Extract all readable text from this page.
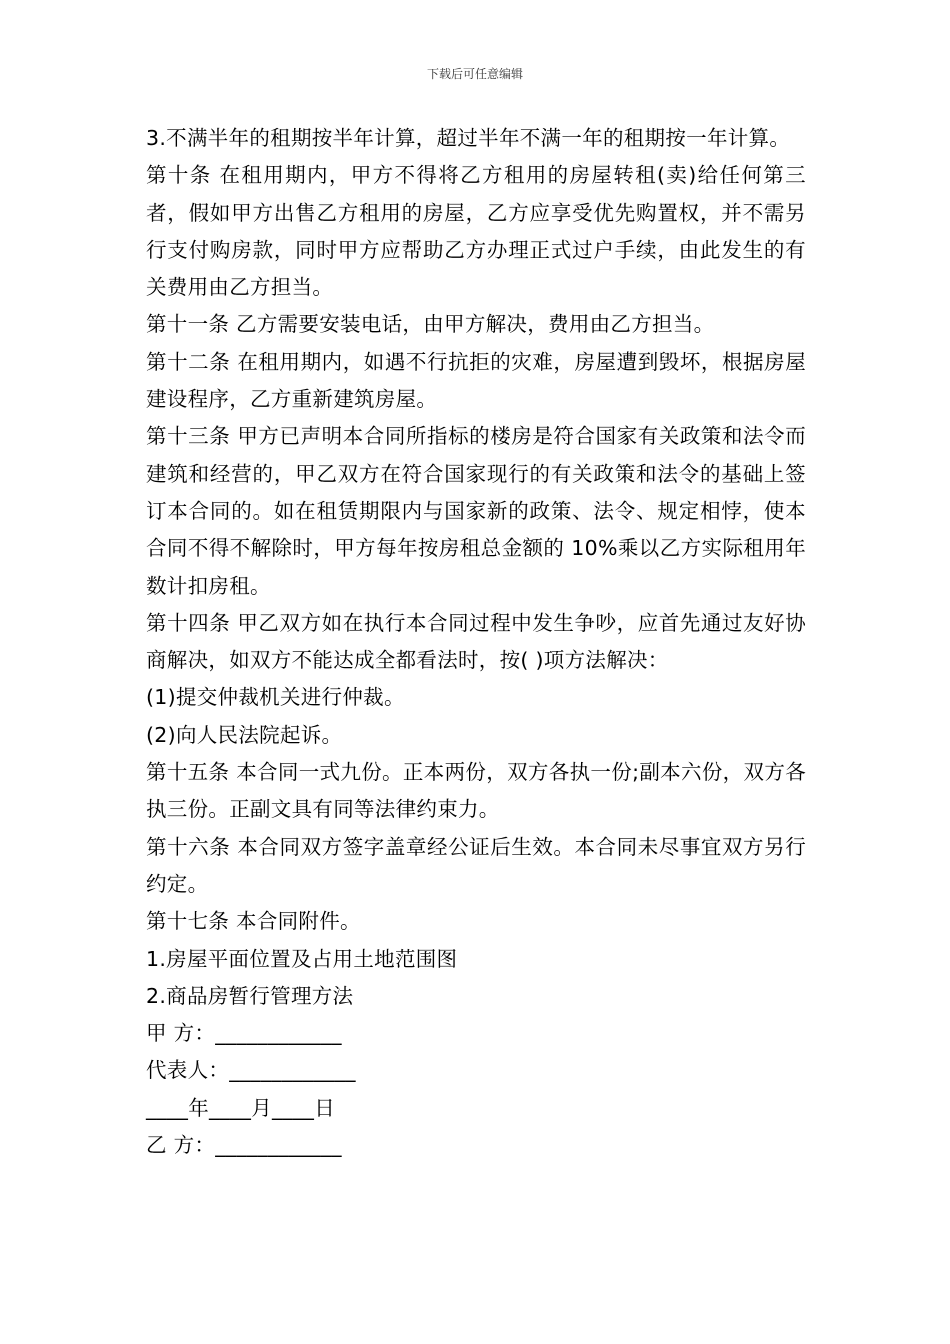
下载后可任意编辑

3.不满半年的租期按半年计算，超过半年不满一年的租期按一年计算。

第十条 在租用期内，甲方不得将乙方租用的房屋转租(卖)给任何第三者，假如甲方出售乙方租用的房屋，乙方应享受优先购置权，并不需另行支付购房款，同时甲方应帮助乙方办理正式过户手续，由此发生的有关费用由乙方担当。

第十一条 乙方需要安装电话，由甲方解决，费用由乙方担当。

第十二条 在租用期内，如遇不行抗拒的灾难，房屋遭到毁坏，根据房屋建设程序，乙方重新建筑房屋。

第十三条 甲方已声明本合同所指标的楼房是符合国家有关政策和法令而建筑和经营的，甲乙双方在符合国家现行的有关政策和法令的基础上签订本合同的。如在租赁期限内与国家新的政策、法令、规定相悖，使本合同不得不解除时，甲方每年按房租总金额的 10%乘以乙方实际租用年数计扣房租。

第十四条 甲乙双方如在执行本合同过程中发生争吵，应首先通过友好协商解决，如双方不能达成全都看法时，按( )项方法解决：

(1)提交仲裁机关进行仲裁。

(2)向人民法院起诉。

第十五条 本合同一式九份。正本两份，双方各执一份;副本六份，双方各执三份。正副文具有同等法律约束力。

第十六条 本合同双方签字盖章经公证后生效。本合同未尽事宜双方另行约定。

第十七条 本合同附件。

1.房屋平面位置及占用土地范围图

2.商品房暂行管理方法

甲 方：____________

代表人：____________

____年____月____日

乙 方：____________
